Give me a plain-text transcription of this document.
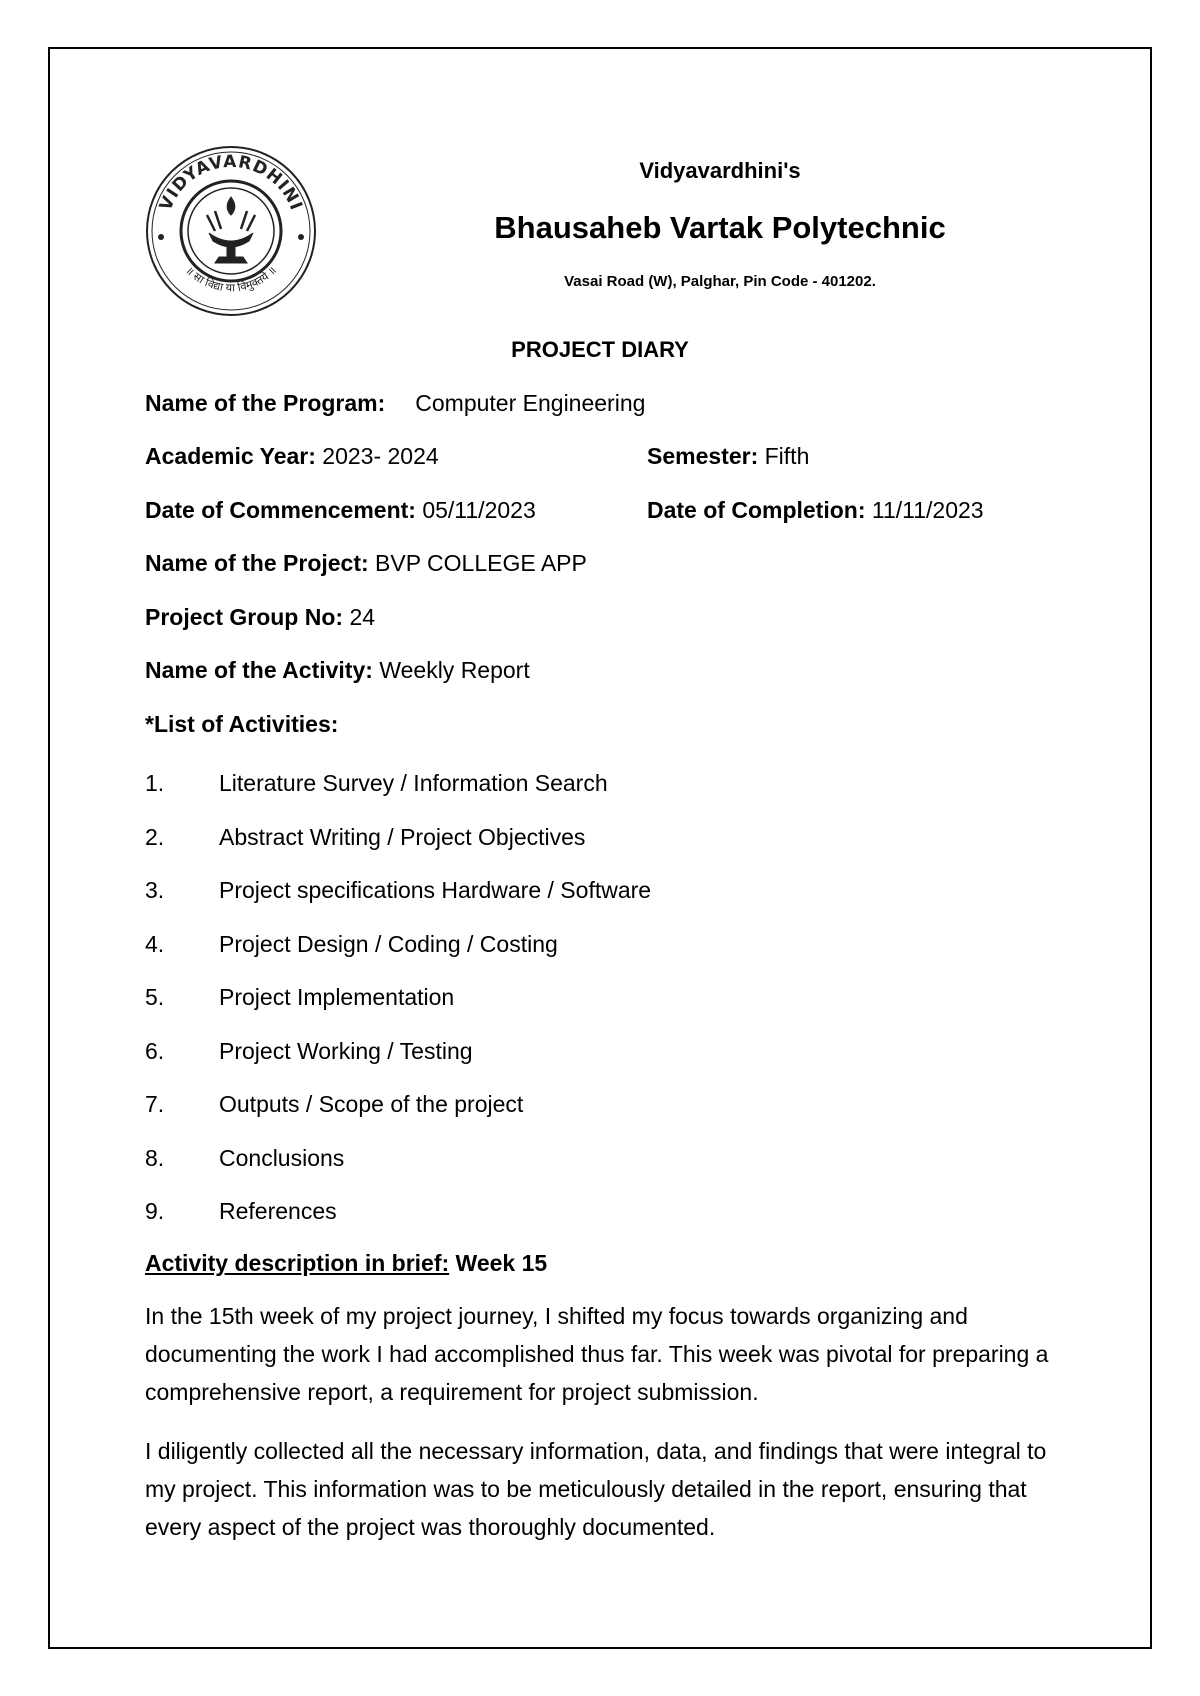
VIDYAVARDHINI
॥ सा विद्या या विमुक्तये ॥
Vidyavardhini's
Bhausaheb Vartak Polytechnic
Vasai Road (W), Palghar, Pin Code - 401202.
PROJECT DIARY
Name of the Program: Computer Engineering
Academic Year: 2023- 2024	Semester: Fifth
Date of Commencement: 05/11/2023	Date of Completion: 11/11/2023
Name of the Project: BVP COLLEGE APP
Project Group No: 24
Name of the Activity: Weekly Report
*List of Activities:
1. Literature Survey / Information Search
2. Abstract Writing / Project Objectives
3. Project specifications Hardware / Software
4. Project Design / Coding / Costing
5. Project Implementation
6. Project Working / Testing
7. Outputs / Scope of the project
8. Conclusions
9. References
Activity description in brief: Week 15

In the 15th week of my project journey, I shifted my focus towards organizing and documenting the work I had accomplished thus far. This week was pivotal for preparing a comprehensive report, a requirement for project submission.

I diligently collected all the necessary information, data, and findings that were integral to my project. This information was to be meticulously detailed in the report, ensuring that every aspect of the project was thoroughly documented.
